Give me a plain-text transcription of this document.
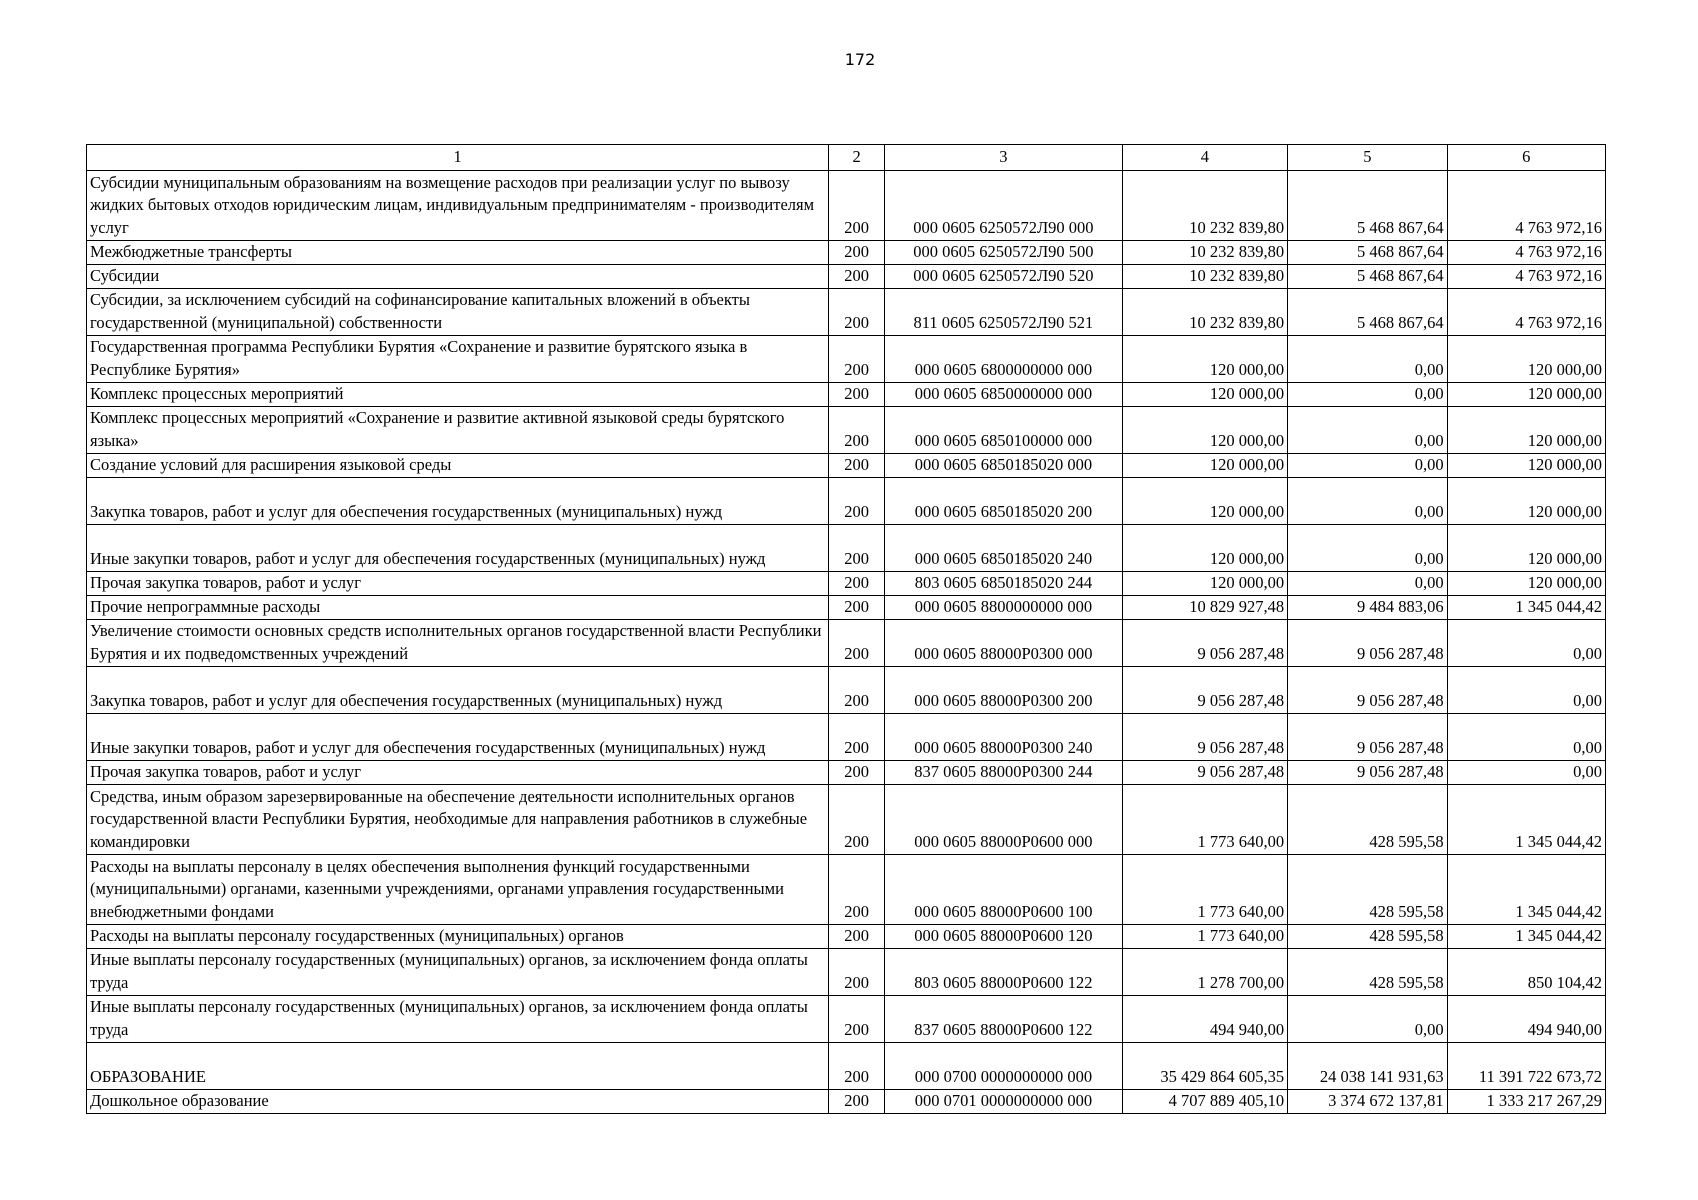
172
1	2	3	4	5	6
Субсидии муниципальным образованиям на возмещение расходов при реализации услуг по вывозу жидких бытовых отходов юридическим лицам, индивидуальным предпринимателям - производителям услуг	200	000 0605 6250572Л90 000	10 232 839,80	5 468 867,64	4 763 972,16
Межбюджетные трансферты	200	000 0605 6250572Л90 500	10 232 839,80	5 468 867,64	4 763 972,16
Субсидии	200	000 0605 6250572Л90 520	10 232 839,80	5 468 867,64	4 763 972,16
Субсидии, за исключением субсидий на софинансирование капитальных вложений в объекты государственной (муниципальной) собственности	200	811 0605 6250572Л90 521	10 232 839,80	5 468 867,64	4 763 972,16
Государственная программа Республики Бурятия «Сохранение и развитие бурятского языка в Республике Бурятия»	200	000 0605 6800000000 000	120 000,00	0,00	120 000,00
Комплекс процессных мероприятий	200	000 0605 6850000000 000	120 000,00	0,00	120 000,00
Комплекс процессных мероприятий «Сохранение и развитие активной языковой среды бурятского языка»	200	000 0605 6850100000 000	120 000,00	0,00	120 000,00
Создание условий для расширения языковой среды	200	000 0605 6850185020 000	120 000,00	0,00	120 000,00
Закупка товаров, работ и услуг для обеспечения государственных (муниципальных) нужд	200	000 0605 6850185020 200	120 000,00	0,00	120 000,00
Иные закупки товаров, работ и услуг для обеспечения государственных (муниципальных) нужд	200	000 0605 6850185020 240	120 000,00	0,00	120 000,00
Прочая закупка товаров, работ и услуг	200	803 0605 6850185020 244	120 000,00	0,00	120 000,00
Прочие непрограммные расходы	200	000 0605 8800000000 000	10 829 927,48	9 484 883,06	1 345 044,42
Увеличение стоимости основных средств исполнительных органов государственной власти Республики Бурятия и их подведомственных учреждений	200	000 0605 88000Р0300 000	9 056 287,48	9 056 287,48	0,00
Закупка товаров, работ и услуг для обеспечения государственных (муниципальных) нужд	200	000 0605 88000Р0300 200	9 056 287,48	9 056 287,48	0,00
Иные закупки товаров, работ и услуг для обеспечения государственных (муниципальных) нужд	200	000 0605 88000Р0300 240	9 056 287,48	9 056 287,48	0,00
Прочая закупка товаров, работ и услуг	200	837 0605 88000Р0300 244	9 056 287,48	9 056 287,48	0,00
Средства, иным образом зарезервированные на обеспечение деятельности исполнительных органов государственной власти Республики Бурятия, необходимые для направления работников в служебные командировки	200	000 0605 88000Р0600 000	1 773 640,00	428 595,58	1 345 044,42
Расходы на выплаты персоналу в целях обеспечения выполнения функций государственными (муниципальными) органами, казенными учреждениями, органами управления государственными внебюджетными фондами	200	000 0605 88000Р0600 100	1 773 640,00	428 595,58	1 345 044,42
Расходы на выплаты персоналу государственных (муниципальных) органов	200	000 0605 88000Р0600 120	1 773 640,00	428 595,58	1 345 044,42
Иные выплаты персоналу государственных (муниципальных) органов, за исключением фонда оплаты труда	200	803 0605 88000Р0600 122	1 278 700,00	428 595,58	850 104,42
Иные выплаты персоналу государственных (муниципальных) органов, за исключением фонда оплаты труда	200	837 0605 88000Р0600 122	494 940,00	0,00	494 940,00
ОБРАЗОВАНИЕ	200	000 0700 0000000000 000	35 429 864 605,35	24 038 141 931,63	11 391 722 673,72
Дошкольное образование	200	000 0701 0000000000 000	4 707 889 405,10	3 374 672 137,81	1 333 217 267,29
